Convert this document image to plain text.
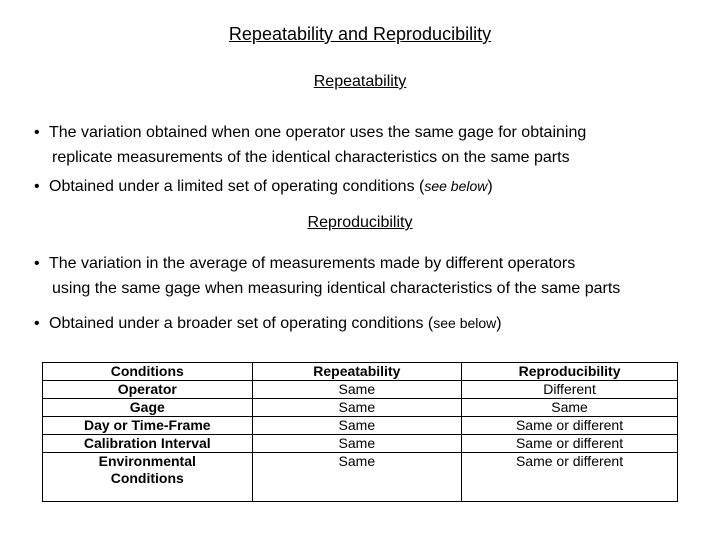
Repeatability and Reproducibility
Repeatability
• The variation obtained when one operator uses the same gage for obtaining
replicate measurements of the identical characteristics on the same parts
• Obtained under a limited set of operating conditions (see below)
Reproducibility
• The variation in the average of measurements made by different operators
using the same gage when measuring identical characteristics of the same parts
• Obtained under a broader set of operating conditions (see below)
Conditions	Repeatability	Reproducibility
Operator	Same	Different
Gage	Same	Same
Day or Time-Frame	Same	Same or different
Calibration Interval	Same	Same or different
Environmental
Conditions	Same	Same or different
